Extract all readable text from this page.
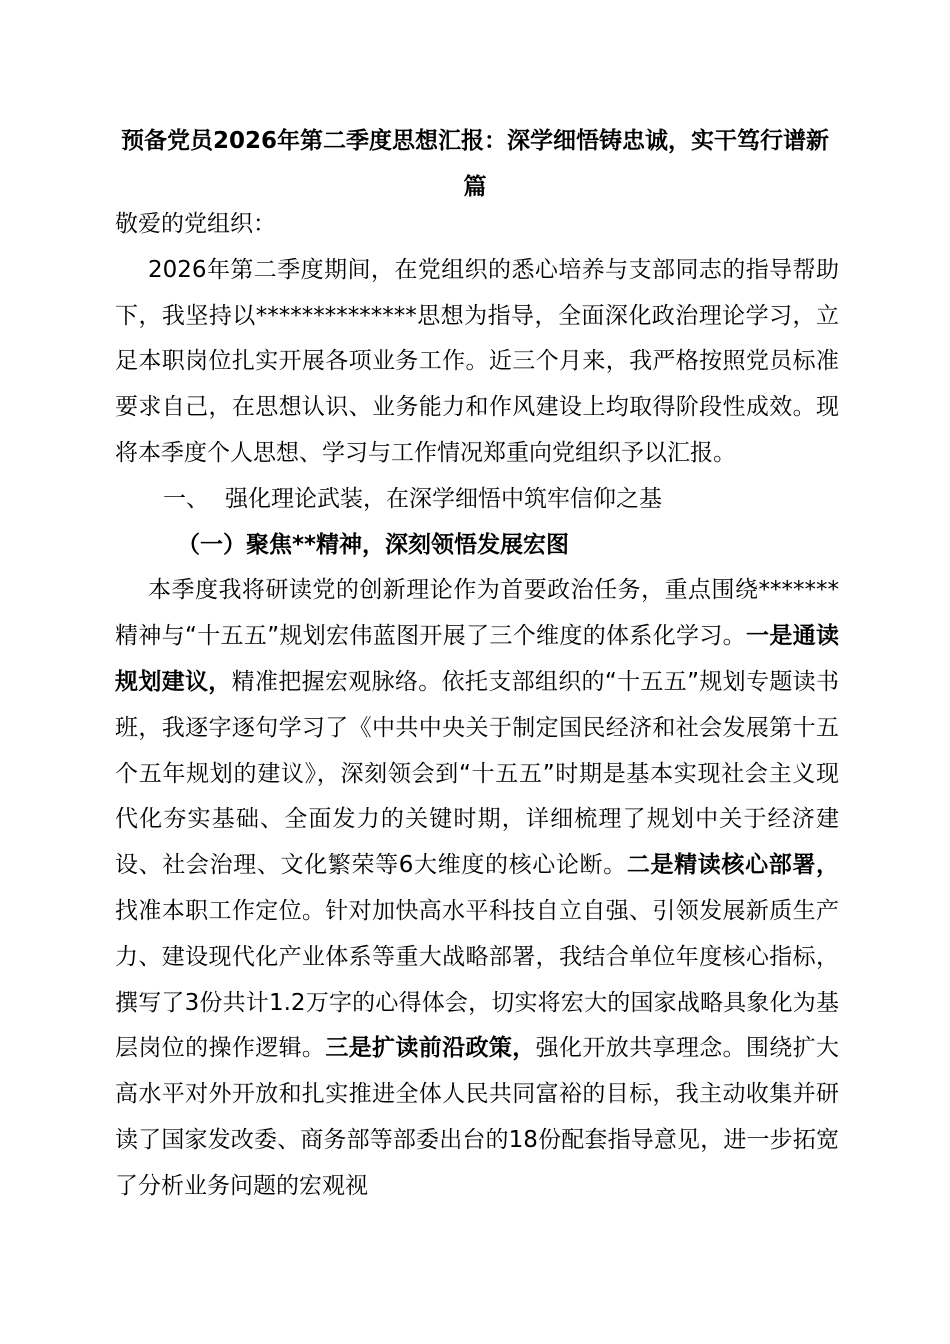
预备党员2026年第二季度思想汇报：深学细悟铸忠诚，实干笃行谱新篇

敬爱的党组织：

2026年第二季度期间，在党组织的悉心培养与支部同志的指导帮助下，我坚持以**************思想为指导，全面深化政治理论学习，立足本职岗位扎实开展各项业务工作。近三个月来，我严格按照党员标准要求自己，在思想认识、业务能力和作风建设上均取得阶段性成效。现将本季度个人思想、学习与工作情况郑重向党组织予以汇报。

一、 强化理论武装，在深学细悟中筑牢信仰之基

（一）聚焦**精神，深刻领悟发展宏图

本季度我将研读党的创新理论作为首要政治任务，重点围绕*******精神与“十五五”规划宏伟蓝图开展了三个维度的体系化学习。一是通读规划建议，精准把握宏观脉络。依托支部组织的“十五五”规划专题读书班，我逐字逐句学习了《中共中央关于制定国民经济和社会发展第十五个五年规划的建议》，深刻领会到“十五五”时期是基本实现社会主义现代化夯实基础、全面发力的关键时期，详细梳理了规划中关于经济建设、社会治理、文化繁荣等6大维度的核心论断。二是精读核心部署，找准本职工作定位。针对加快高水平科技自立自强、引领发展新质生产力、建设现代化产业体系等重大战略部署，我结合单位年度核心指标，撰写了3份共计1.2万字的心得体会，切实将宏大的国家战略具象化为基层岗位的操作逻辑。三是扩读前沿政策，强化开放共享理念。围绕扩大高水平对外开放和扎实推进全体人民共同富裕的目标，我主动收集并研读了国家发改委、商务部等部委出台的18份配套指导意见，进一步拓宽了分析业务问题的宏观视
